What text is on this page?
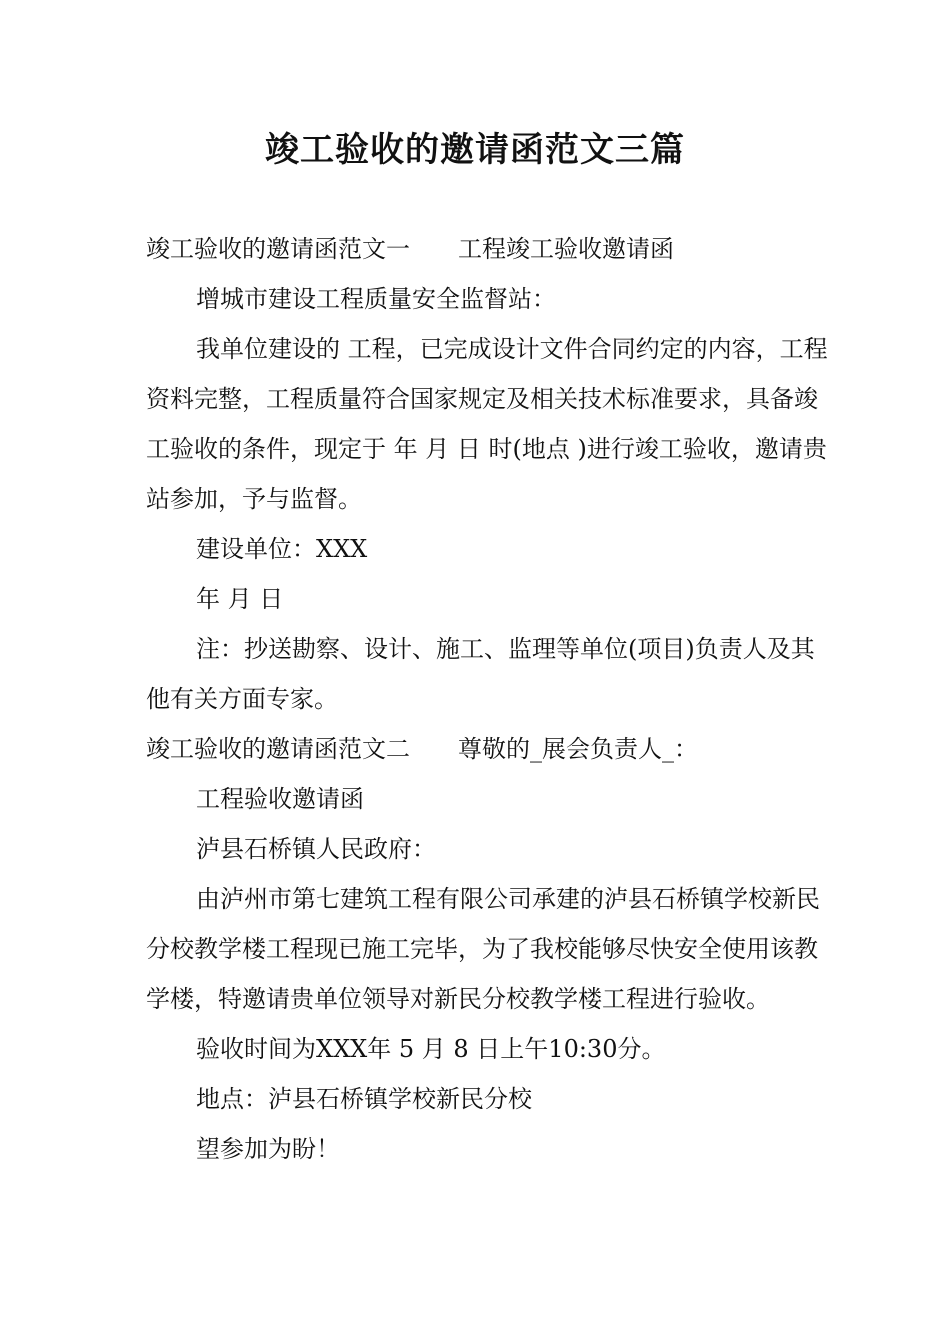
竣工验收的邀请函范文三篇

竣工验收的邀请函范文一 工程竣工验收邀请函

增城市建设工程质量安全监督站：

我单位建设的 工程，已完成设计文件合同约定的内容，工程资料完整，工程质量符合国家规定及相关技术标准要求，具备竣工验收的条件，现定于 年 月 日 时(地点 )进行竣工验收，邀请贵站参加，予与监督。

建设单位：XXX

年 月 日

注：抄送勘察、设计、施工、监理等单位(项目)负责人及其他有关方面专家。

竣工验收的邀请函范文二 尊敬的_展会负责人_：

工程验收邀请函

泸县石桥镇人民政府：

由泸州市第七建筑工程有限公司承建的泸县石桥镇学校新民分校教学楼工程现已施工完毕，为了我校能够尽快安全使用该教学楼，特邀请贵单位领导对新民分校教学楼工程进行验收。

验收时间为XXX年 5 月 8 日上午10:30分。

地点：泸县石桥镇学校新民分校

望参加为盼！
